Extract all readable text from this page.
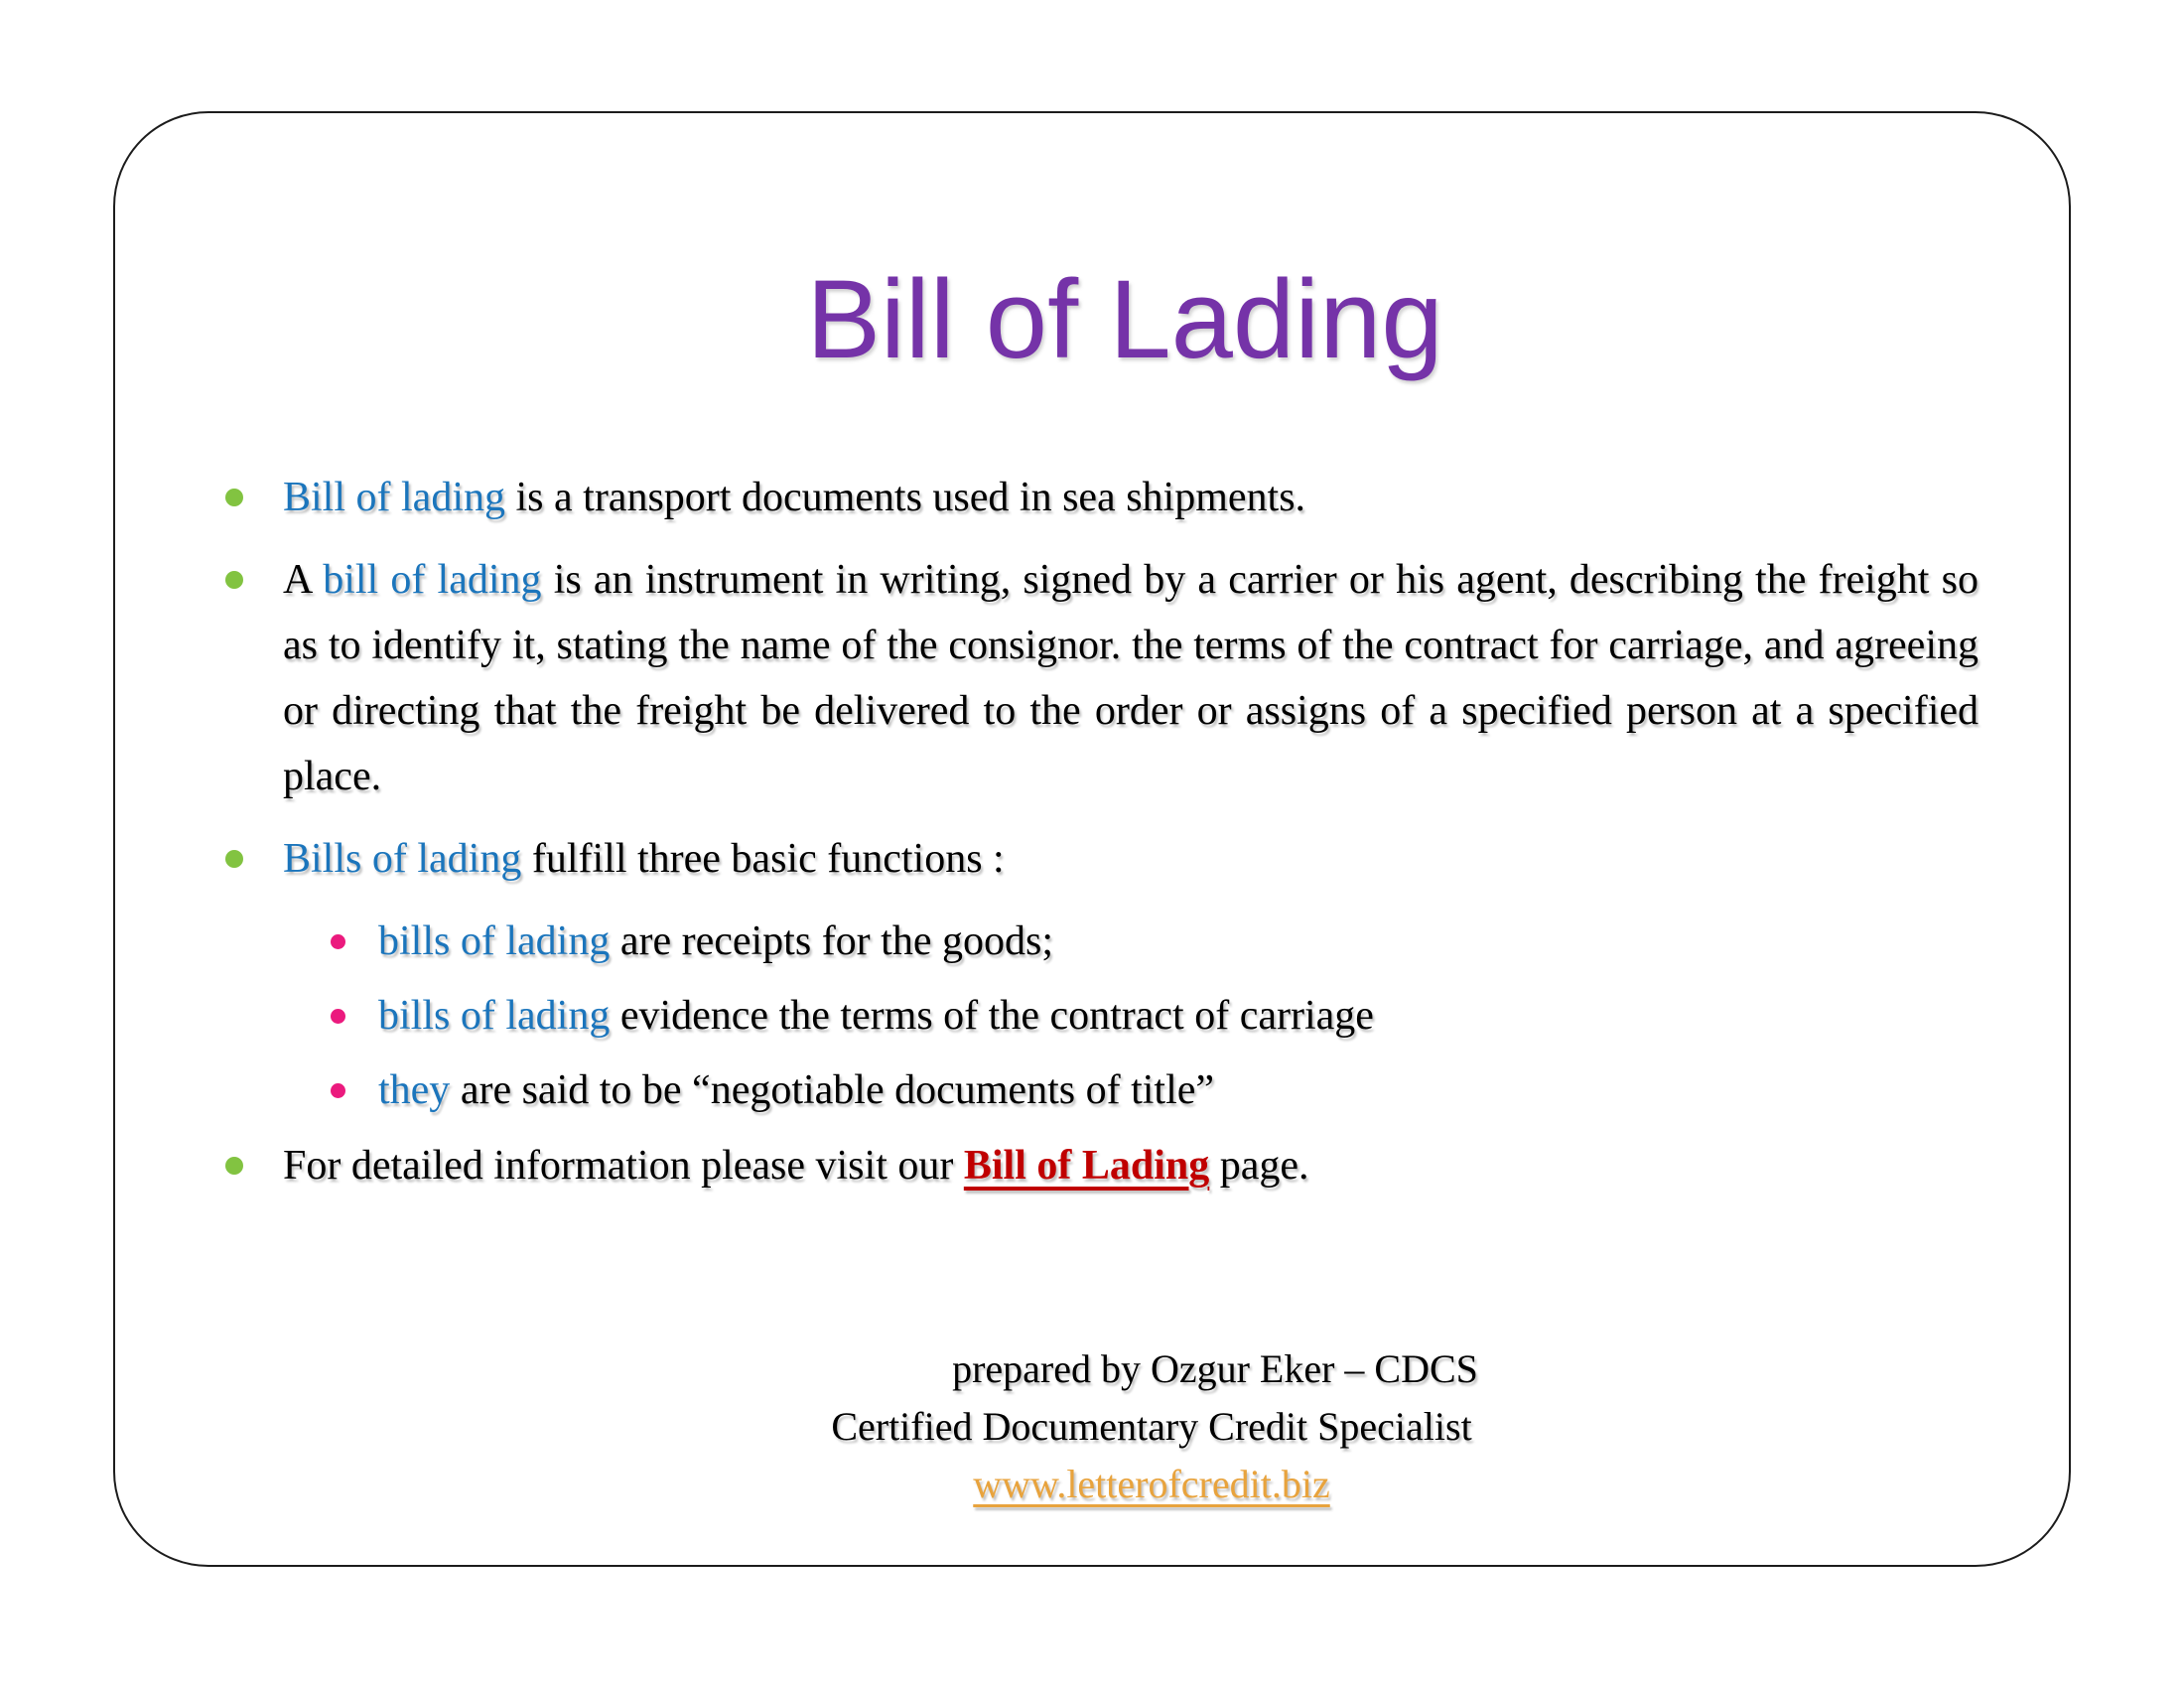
Bill of Lading
Bill of lading is a transport documents used in sea shipments.
A bill of lading is an instrument in writing, signed by a carrier or his agent, describing the freight so as to identify it, stating the name of the consignor. the terms of the contract for carriage, and agreeing or directing that the freight be delivered to the order or assigns of a specified person at a specified place.
Bills of lading fulfill three basic functions :
bills of lading are receipts for the goods;
bills of lading evidence the terms of the contract of carriage
they are said to be “negotiable documents of title”
For detailed information please visit our Bill of Lading page.
prepared by Ozgur Eker – CDCS
Certified Documentary Credit Specialist
www.letterofcredit.biz
